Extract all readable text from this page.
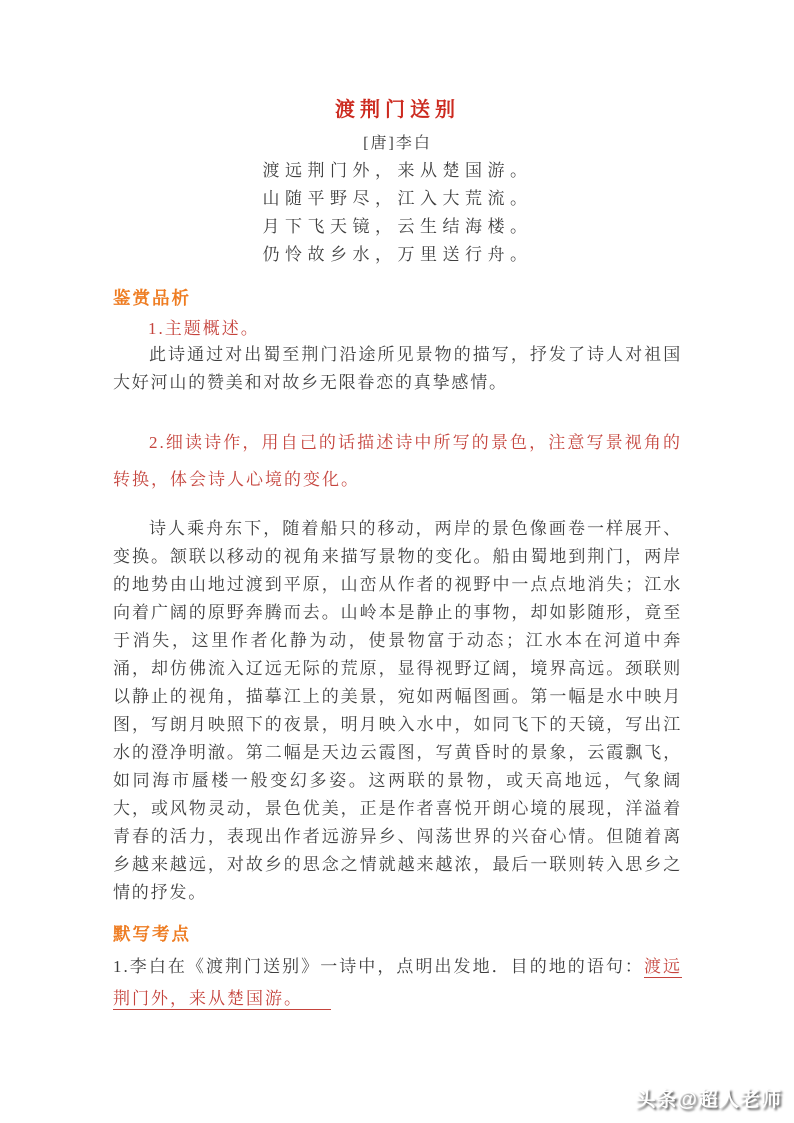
渡荆门送别
[唐]李白
渡远荆门外，来从楚国游。
山随平野尽，江入大荒流。
月下飞天镜，云生结海楼。
仍怜故乡水，万里送行舟。
鉴赏品析
1.主题概述。

此诗通过对出蜀至荆门沿途所见景物的描写，抒发了诗人对祖国大好河山的赞美和对故乡无限眷恋的真挚感情。

2.细读诗作，用自己的话描述诗中所写的景色，注意写景视角的转换，体会诗人心境的变化。

诗人乘舟东下，随着船只的移动，两岸的景色像画卷一样展开、变换。颔联以移动的视角来描写景物的变化。船由蜀地到荆门，两岸的地势由山地过渡到平原，山峦从作者的视野中一点点地消失；江水向着广阔的原野奔腾而去。山岭本是静止的事物，却如影随形，竟至于消失，这里作者化静为动，使景物富于动态；江水本在河道中奔涌，却仿佛流入辽远无际的荒原，显得视野辽阔，境界高远。颈联则以静止的视角，描摹江上的美景，宛如两幅图画。第一幅是水中映月图，写朗月映照下的夜景，明月映入水中，如同飞下的天镜，写出江水的澄净明澈。第二幅是天边云霞图，写黄昏时的景象，云霞飘飞，如同海市蜃楼一般变幻多姿。这两联的景物，或天高地远，气象阔大，或风物灵动，景色优美，正是作者喜悦开朗心境的展现，洋溢着青春的活力，表现出作者远游异乡、闯荡世界的兴奋心情。但随着离乡越来越远，对故乡的思念之情就越来越浓，最后一联则转入思乡之情的抒发。

默写考点

1.李白在《渡荆门送别》一诗中，点明出发地．目的地的语句：渡远荆门外，来从楚国游。

头条@超人老师
